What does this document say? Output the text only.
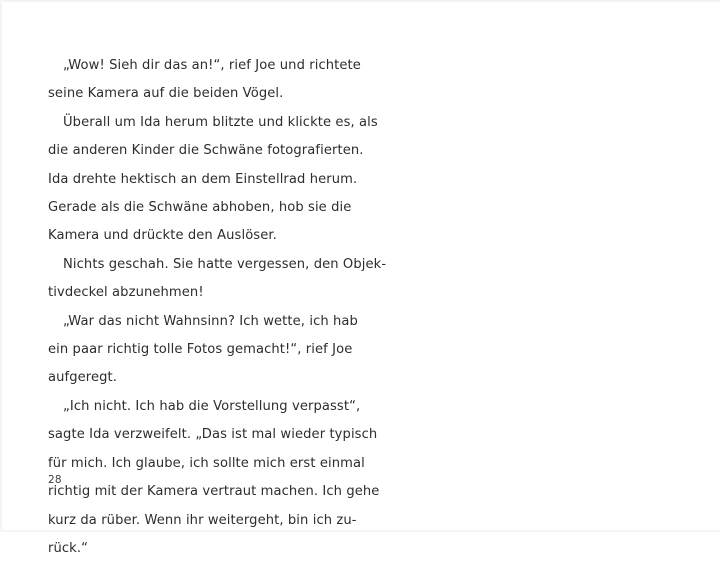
„Wow! Sieh dir das an!“, rief Joe und richtete
seine Kamera auf die beiden Vögel.
Überall um Ida herum blitzte und klickte es, als
die anderen Kinder die Schwäne fotografierten.
Ida drehte hektisch an dem Einstellrad herum.
Gerade als die Schwäne abhoben, hob sie die
Kamera und drückte den Auslöser.
Nichts geschah. Sie hatte vergessen, den Objek-
tivdeckel abzunehmen!
„War das nicht Wahnsinn? Ich wette, ich hab
ein paar richtig tolle Fotos gemacht!“, rief Joe
aufgeregt.
„Ich nicht. Ich hab die Vorstellung verpasst“,
sagte Ida verzweifelt. „Das ist mal wieder typisch
für mich. Ich glaube, ich sollte mich erst einmal
richtig mit der Kamera vertraut machen. Ich gehe
kurz da rüber. Wenn ihr weitergeht, bin ich zu-
rück.“
28
